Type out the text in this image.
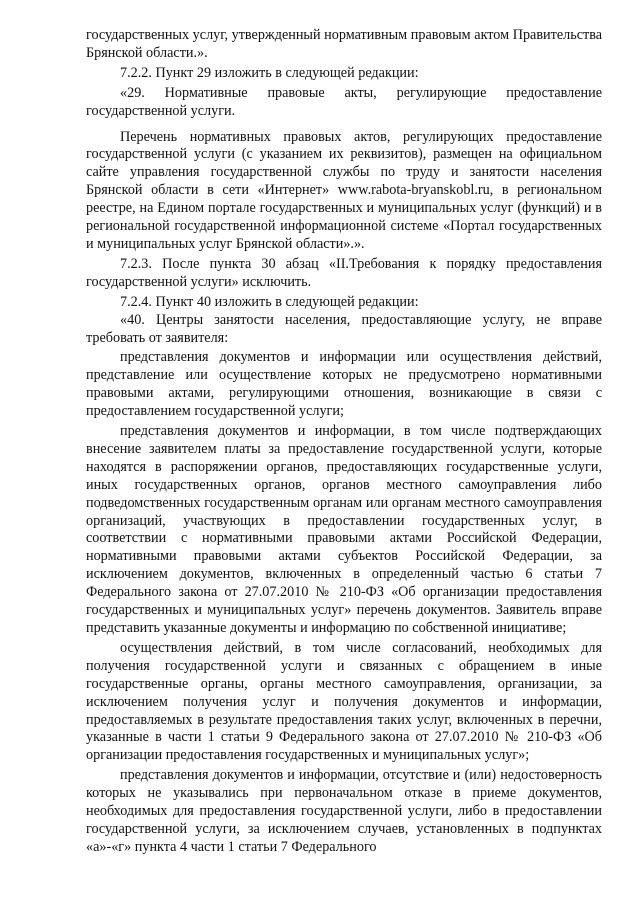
государственных услуг, утвержденный нормативным правовым актом Правительства Брянской области.».

7.2.2. Пункт 29 изложить в следующей редакции:

«29. Нормативные правовые акты, регулирующие предоставление государственной услуги.

Перечень нормативных правовых актов, регулирующих предоставление государственной услуги (с указанием их реквизитов), размещен на официальном сайте управления государственной службы по труду и занятости населения Брянской области в сети «Интернет» www.rabota-bryanskobl.ru, в региональном реестре, на Едином портале государственных и муниципальных услуг (функций) и в региональной государственной информационной системе «Портал государственных и муниципальных услуг Брянской области».».

7.2.3. После пункта 30 абзац «II.Требования к порядку предоставления государственной услуги» исключить.

7.2.4. Пункт 40 изложить в следующей редакции:

«40. Центры занятости населения, предоставляющие услугу, не вправе требовать от заявителя:

представления документов и информации или осуществления действий, представление или осуществление которых не предусмотрено нормативными правовыми актами, регулирующими отношения, возникающие в связи с предоставлением государственной услуги;

представления документов и информации, в том числе подтверждающих внесение заявителем платы за предоставление государственной услуги, которые находятся в распоряжении органов, предоставляющих государственные услуги, иных государственных органов, органов местного самоуправления либо подведомственных государственным органам или органам местного самоуправления организаций, участвующих в предоставлении государственных услуг, в соответствии с нормативными правовыми актами Российской Федерации, нормативными правовыми актами субъектов Российской Федерации, за исключением документов, включенных в определенный частью 6 статьи 7 Федерального закона от 27.07.2010 № 210-ФЗ «Об организации предоставления государственных и муниципальных услуг» перечень документов. Заявитель вправе представить указанные документы и информацию по собственной инициативе;

осуществления действий, в том числе согласований, необходимых для получения государственной услуги и связанных с обращением в иные государственные органы, органы местного самоуправления, организации, за исключением получения услуг и получения документов и информации, предоставляемых в результате предоставления таких услуг, включенных в перечни, указанные в части 1 статьи 9 Федерального закона от 27.07.2010 № 210-ФЗ «Об организации предоставления государственных и муниципальных услуг»;

представления документов и информации, отсутствие и (или) недостоверность которых не указывались при первоначальном отказе в приеме документов, необходимых для предоставления государственной услуги, либо в предоставлении государственной услуги, за исключением случаев, установленных в подпунктах «а»-«г» пункта 4 части 1 статьи 7 Федерального
